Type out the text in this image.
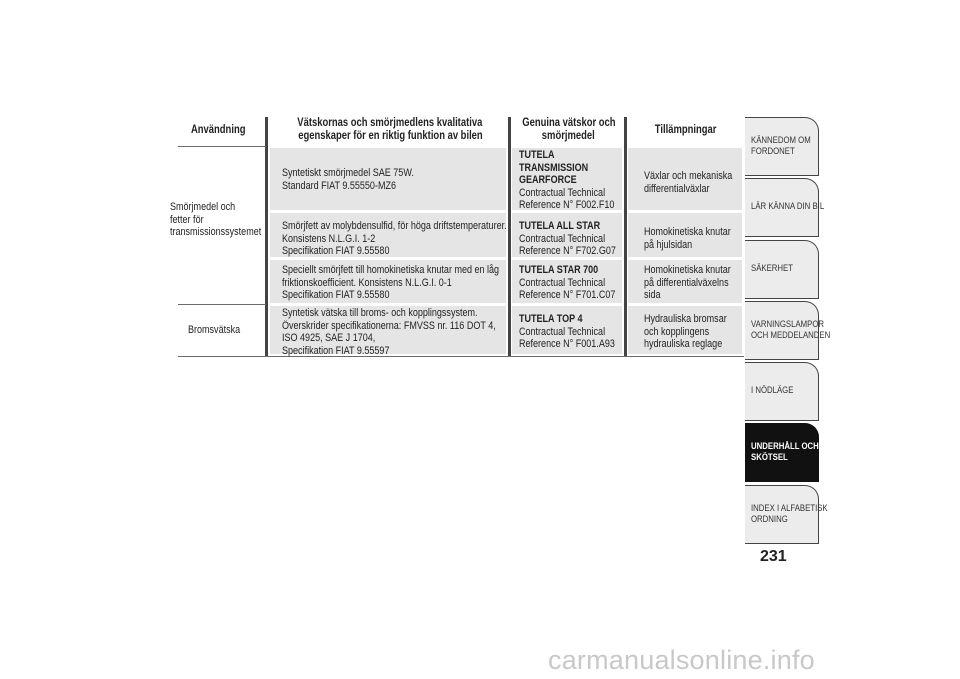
Användning
Vätskornas och smörjmedlens kvalitativa
egenskaper för en riktig funktion av bilen
Genuina vätskor och
smörjmedel	Tillämpningar
Smörjmedel och
fetter för
transmissionssystemet
Bromsvätska
Syntetiskt smörjmedel SAE 75W.
Standard FIAT 9.55550-MZ6
TUTELA
TRANSMISSION
GEARFORCE
Contractual Technical
Reference N° F002.F10
Växlar och mekaniska
differentialväxlar
Smörjfett av molybdensulfid, för höga driftstemperaturer.
Konsistens N.L.G.I. 1-2
Specifikation FIAT 9.55580
TUTELA ALL STAR
Contractual Technical
Reference N° F702.G07
Homokinetiska knutar
på hjulsidan
Speciellt smörjfett till homokinetiska knutar med en låg
friktionskoefficient. Konsistens N.L.G.I. 0-1
Specifikation FIAT 9.55580
TUTELA STAR 700
Contractual Technical
Reference N° F701.C07
Homokinetiska knutar
på differentialväxelns
sida
Syntetisk vätska till broms- och kopplingssystem.
Överskrider specifikationerna: FMVSS nr. 116 DOT 4,
ISO 4925, SAE J 1704,
Specifikation FIAT 9.55597
TUTELA TOP 4
Contractual Technical
Reference N° F001.A93
Hydrauliska bromsar
och kopplingens
hydrauliska reglage
KÄNNEDOM OM
FORDONET
LÄR KÄNNA DIN BIL
SÄKERHET
VARNINGSLAMPOR
OCH MEDDELANDEN
I NÖDLÄGE
UNDERHÅLL OCH
SKÖTSEL
INDEX I ALFABETISK
ORDNING
231
carmanualsonline.info
